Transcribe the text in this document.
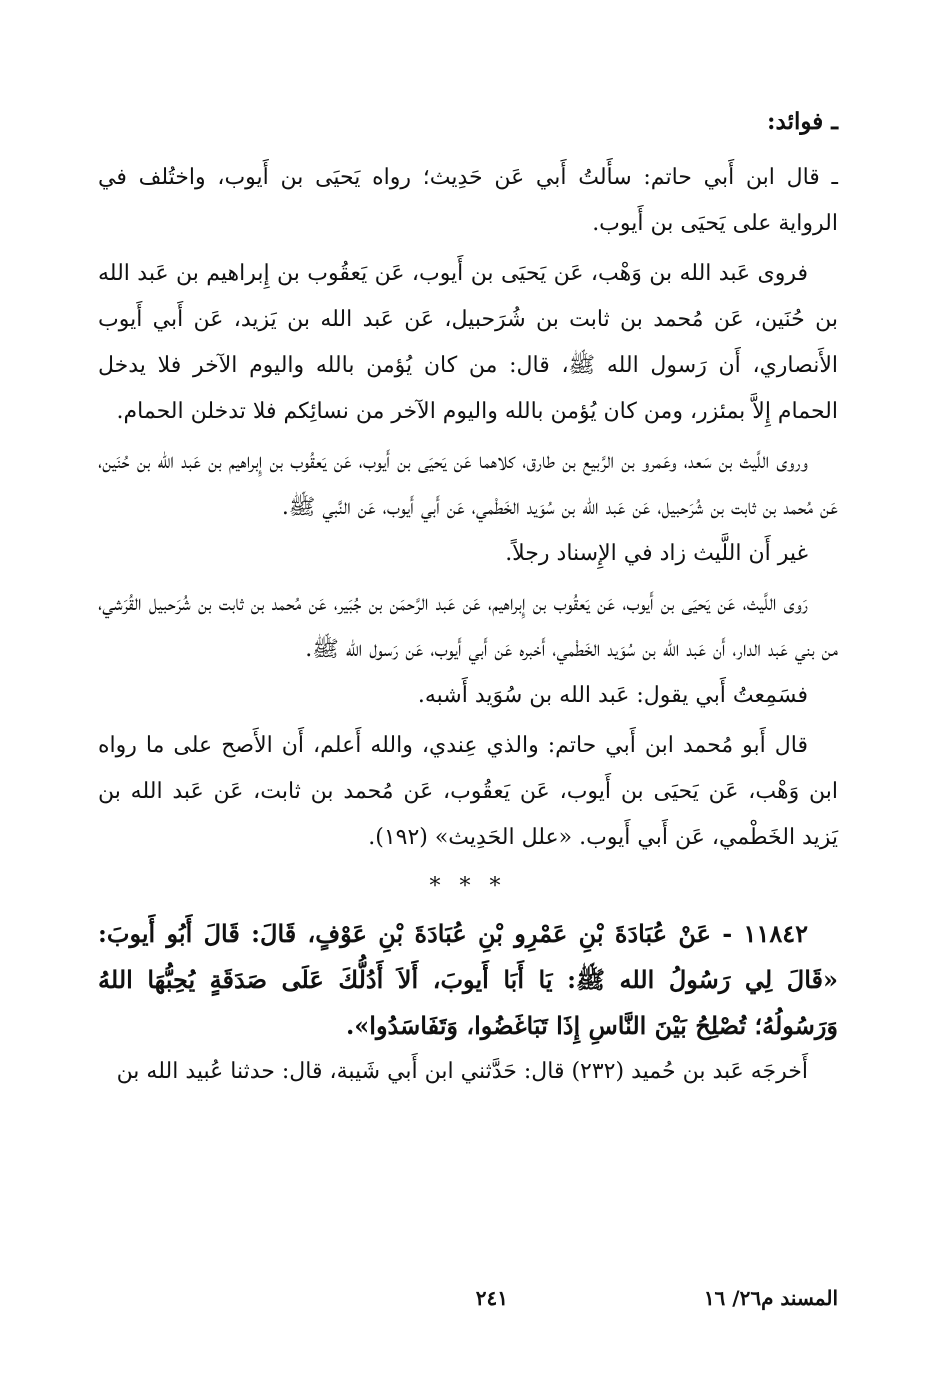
ـ فوائد:

ـ قال ابن أَبي حاتم: سأَلتُ أَبي عَن حَدِيث؛ رواه يَحيَى بن أَيوب، واختُلف في الرواية على يَحيَى بن أَيوب.

فروى عَبد الله بن وَهْب، عَن يَحيَى بن أَيوب، عَن يَعقُوب بن إِبراهيم بن عَبد الله بن حُنَين، عَن مُحمد بن ثابت بن شُرَحبيل، عَن عَبد الله بن يَزيد، عَن أَبي أَيوب الأَنصاري، أَن رَسول الله ﷺ، قال: من كان يُؤمن بالله واليوم الآخر فلا يدخل الحمام إِلاَّ بمئزر، ومن كان يُؤمن بالله واليوم الآخر من نسائِكم فلا تدخلن الحمام.

وروى اللَّيث بن سَعد، وعَمرو بن الرَّبيع بن طارق، كلاهما عَن يَحيَى بن أَيوب، عَن يَعقُوب بن إِبراهيم بن عَبد الله بن حُنَين، عَن مُحمد بن ثابت بن شُرَحبيل، عَن عَبد الله بن سُوَيد الخَطْمي، عَن أَبي أَيوب، عَن النَّبي ﷺ.

غير أَن اللَّيث زاد في الإِسناد رجلاً.

رَوى اللَّيث، عَن يَحيَى بن أَيوب، عَن يَعقُوب بن إِبراهيم، عَن عَبد الرَّحمَن بن جُبَير، عَن مُحمد بن ثابت بن شُرَحبيل القُرَشي، من بني عَبد الدار، أَن عَبد الله بن سُوَيد الخَطْمي، أَخبره عَن أَبي أَيوب، عَن رَسول الله ﷺ.

فسَمِعتُ أَبي يقول: عَبد الله بن سُوَيد أَشبه.

قال أَبو مُحمد ابن أَبي حاتم: والذي عِندي، والله أَعلم، أَن الأَصح على ما رواه ابن وَهْب، عَن يَحيَى بن أَيوب، عَن يَعقُوب، عَن مُحمد بن ثابت، عَن عَبد الله بن يَزيد الخَطْمي، عَن أَبي أَيوب. «علل الحَدِيث» (١٩٢).

* * *

١١٨٤٢ - عَنْ عُبَادَةَ بْنِ عَمْرِو بْنِ عُبَادَةَ بْنِ عَوْفٍ، قَالَ: قَالَ أَبُو أَيوبَ: «قَالَ لِي رَسُولُ الله ﷺ: يَا أَبَا أَيوبَ، أَلاَ أَدُلُّكَ عَلَى صَدَقَةٍ يُحِبُّهَا اللهُ وَرَسُولُهُ؛ تُصْلِحُ بَيْنَ النَّاسِ إِذَا تَبَاغَضُوا، وَتَفَاسَدُوا».

أَخرجَه عَبد بن حُميد (٢٣٢) قال: حَدَّثني ابن أَبي شَيبة، قال: حدثنا عُبيد الله بن

المسند م٢٦/ ١٦
٢٤١
